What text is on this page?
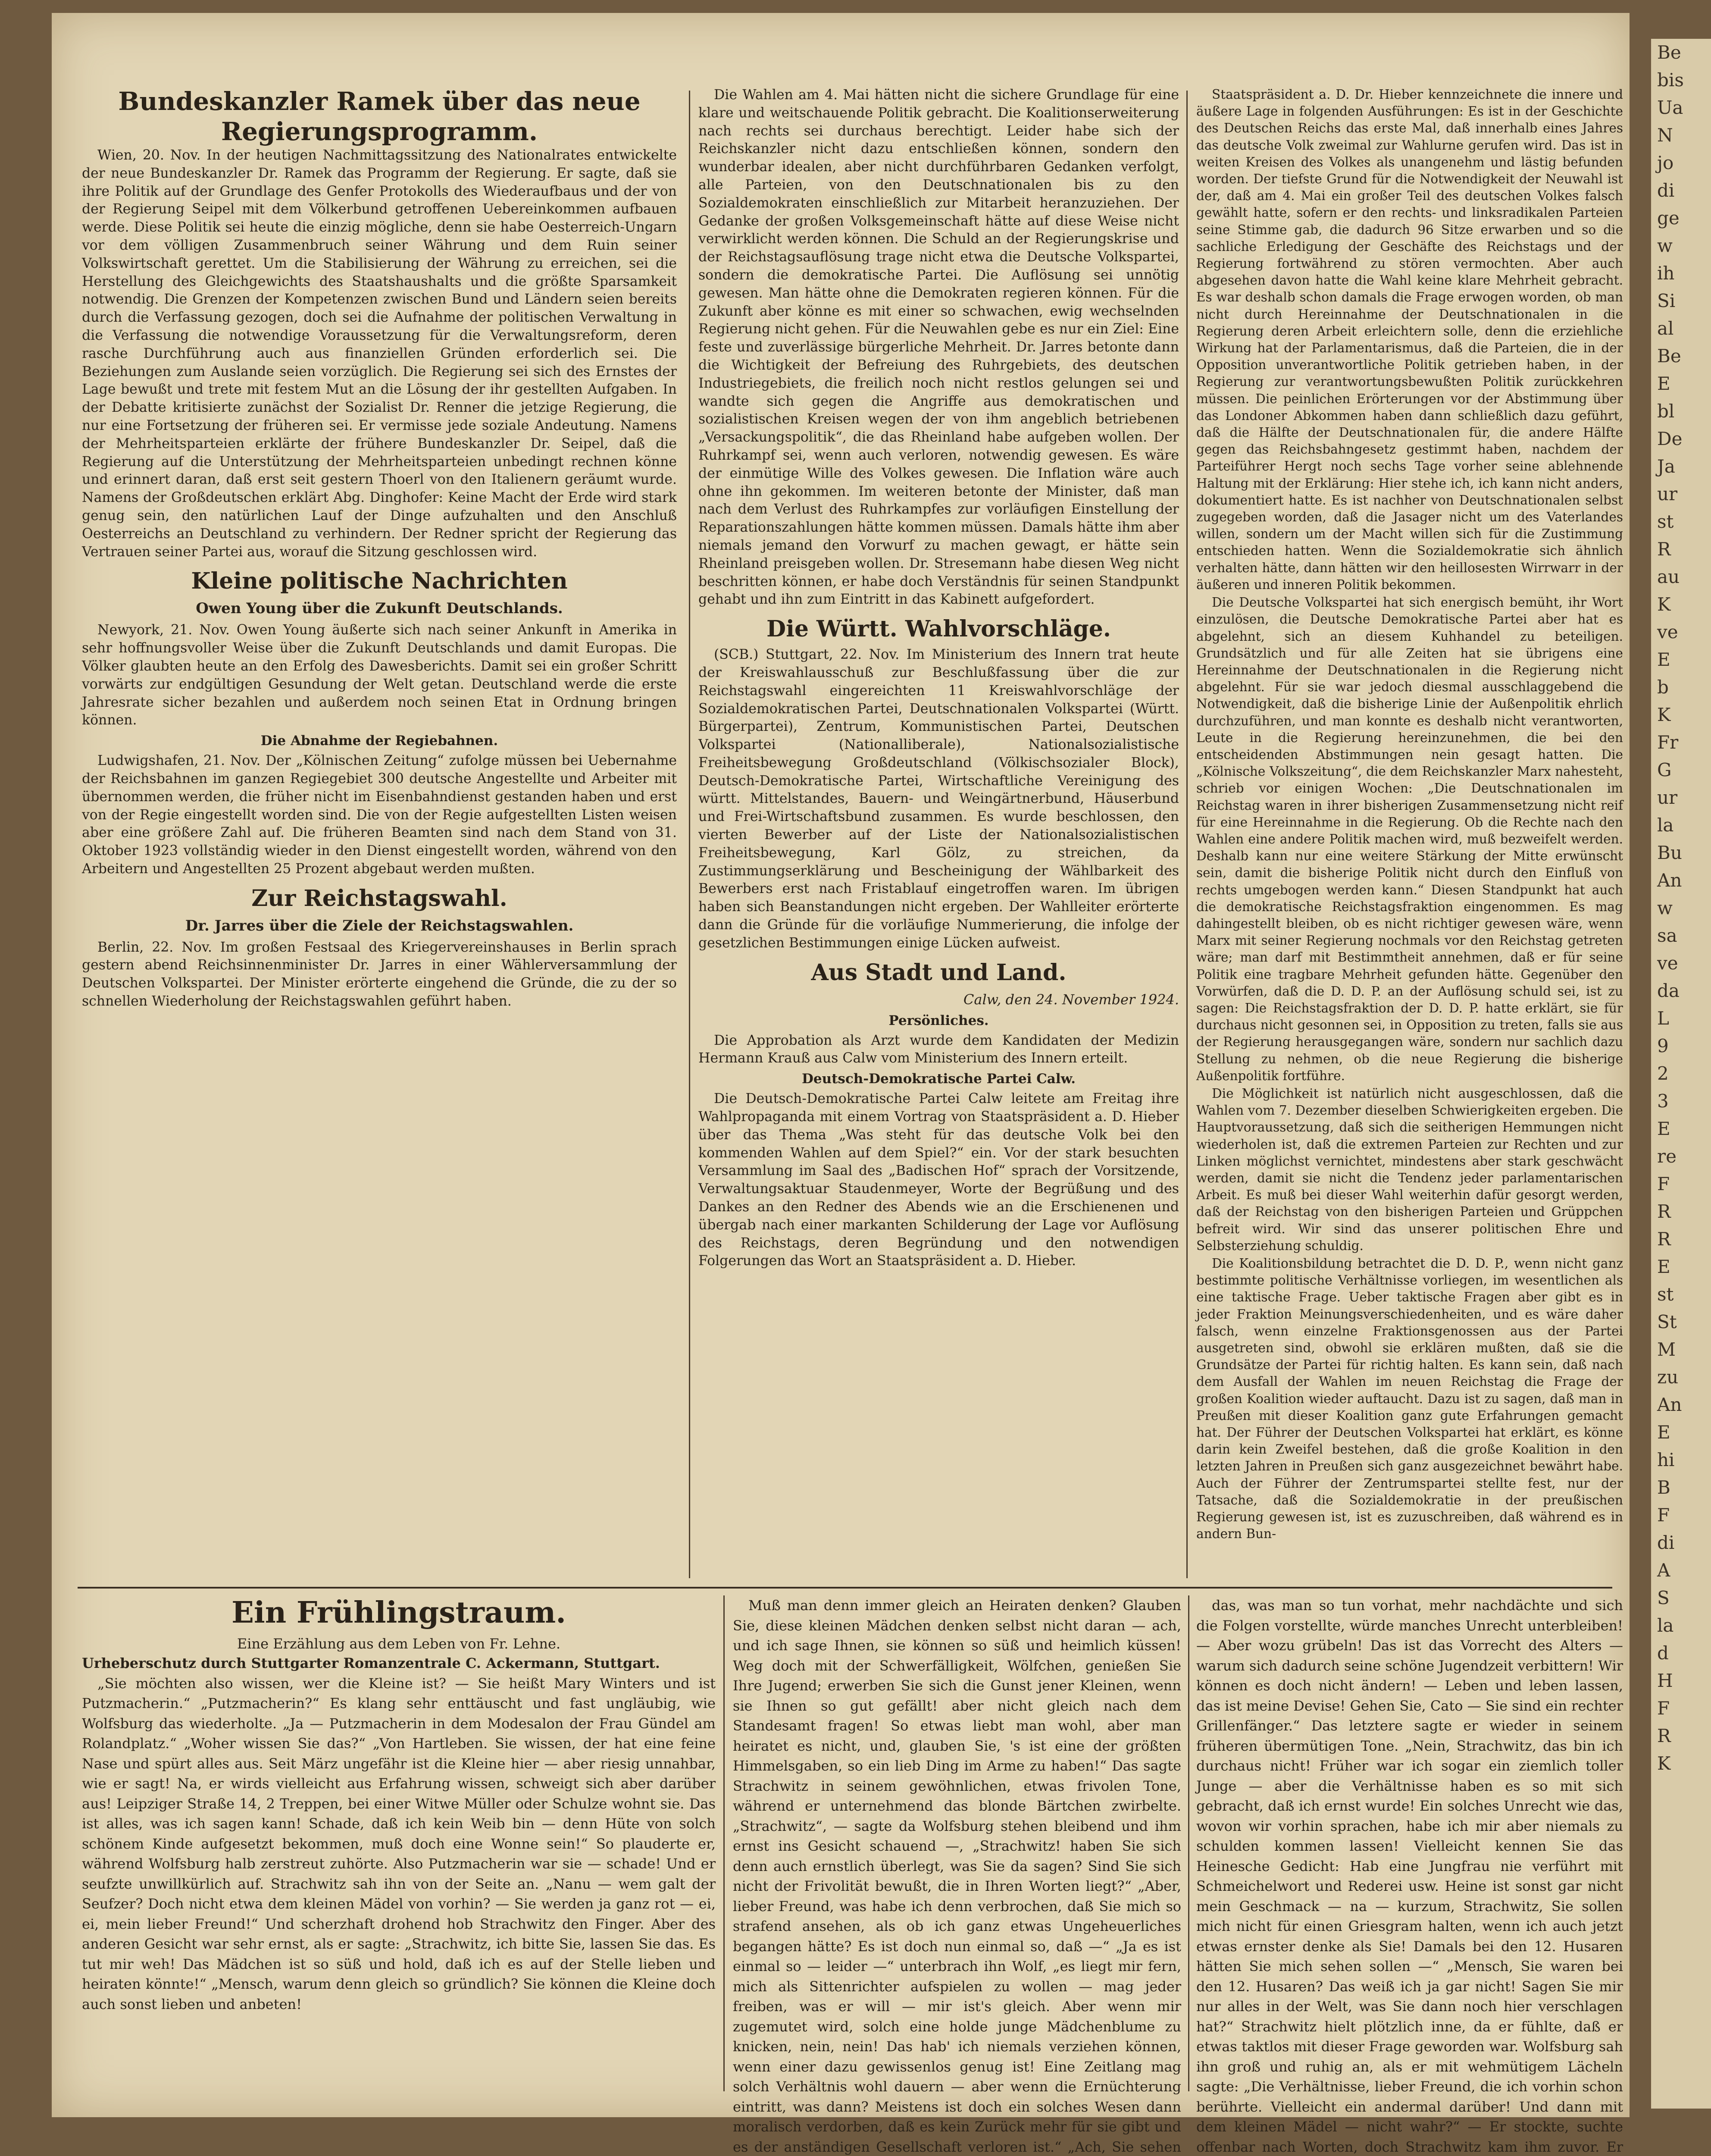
Bundeskanzler Ramek über das neue Regierungsprogramm.

Wien, 20. Nov. In der heutigen Nachmittagssitzung des Nationalrates entwickelte der neue Bundeskanzler Dr. Ramek das Programm der Regierung. Er sagte, daß sie ihre Politik auf der Grundlage des Genfer Protokolls des Wiederaufbaus und der von der Regierung Seipel mit dem Völkerbund getroffenen Uebereinkommen aufbauen werde. Diese Politik sei heute die einzig mögliche, denn sie habe Oesterreich-Ungarn vor dem völligen Zusammenbruch seiner Währung und dem Ruin seiner Volkswirtschaft gerettet. Um die Stabilisierung der Währung zu erreichen, sei die Herstellung des Gleichgewichts des Staatshaushalts und die größte Sparsamkeit notwendig. Die Grenzen der Kompetenzen zwischen Bund und Ländern seien bereits durch die Verfassung gezogen, doch sei die Aufnahme der politischen Verwaltung in die Verfassung die notwendige Voraussetzung für die Verwaltungsreform, deren rasche Durchführung auch aus finanziellen Gründen erforderlich sei. Die Beziehungen zum Auslande seien vorzüglich. Die Regierung sei sich des Ernstes der Lage bewußt und trete mit festem Mut an die Lösung der ihr gestellten Aufgaben. In der Debatte kritisierte zunächst der Sozialist Dr. Renner die jetzige Regierung, die nur eine Fortsetzung der früheren sei. Er vermisse jede soziale Andeutung. Namens der Mehrheitsparteien erklärte der frühere Bundeskanzler Dr. Seipel, daß die Regierung auf die Unterstützung der Mehrheitsparteien unbedingt rechnen könne und erinnert daran, daß erst seit gestern Thoerl von den Italienern geräumt wurde. Namens der Großdeutschen erklärt Abg. Dinghofer: Keine Macht der Erde wird stark genug sein, den natürlichen Lauf der Dinge aufzuhalten und den Anschluß Oesterreichs an Deutschland zu verhindern. Der Redner spricht der Regierung das Vertrauen seiner Partei aus, worauf die Sitzung geschlossen wird.

Kleine politische Nachrichten
Owen Young über die Zukunft Deutschlands.

Newyork, 21. Nov. Owen Young äußerte sich nach seiner Ankunft in Amerika in sehr hoffnungsvoller Weise über die Zukunft Deutschlands und damit Europas. Die Völker glaubten heute an den Erfolg des Dawesberichts. Damit sei ein großer Schritt vorwärts zur endgültigen Gesundung der Welt getan. Deutschland werde die erste Jahresrate sicher bezahlen und außerdem noch seinen Etat in Ordnung bringen können.

Die Abnahme der Regiebahnen.

Ludwigshafen, 21. Nov. Der „Kölnischen Zeitung“ zufolge müssen bei Uebernahme der Reichsbahnen im ganzen Regiegebiet 300 deutsche Angestellte und Arbeiter mit übernommen werden, die früher nicht im Eisenbahndienst gestanden haben und erst von der Regie eingestellt worden sind. Die von der Regie aufgestellten Listen weisen aber eine größere Zahl auf. Die früheren Beamten sind nach dem Stand von 31. Oktober 1923 vollständig wieder in den Dienst eingestellt worden, während von den Arbeitern und Angestellten 25 Prozent abgebaut werden mußten.

Zur Reichstagswahl.
Dr. Jarres über die Ziele der Reichstagswahlen.

Berlin, 22. Nov. Im großen Festsaal des Kriegervereinshauses in Berlin sprach gestern abend Reichsinnenminister Dr. Jarres in einer Wählerversammlung der Deutschen Volkspartei. Der Minister erörterte eingehend die Gründe, die zu der so schnellen Wiederholung der Reichstagswahlen geführt haben.

Die Wahlen am 4. Mai hätten nicht die sichere Grundlage für eine klare und weitschauende Politik gebracht. Die Koalitionserweiterung nach rechts sei durchaus berechtigt. Leider habe sich der Reichskanzler nicht dazu entschließen können, sondern den wunderbar idealen, aber nicht durchführbaren Gedanken verfolgt, alle Parteien, von den Deutschnationalen bis zu den Sozialdemokraten einschließlich zur Mitarbeit heranzuziehen. Der Gedanke der großen Volksgemeinschaft hätte auf diese Weise nicht verwirklicht werden können. Die Schuld an der Regierungskrise und der Reichstagsauflösung trage nicht etwa die Deutsche Volkspartei, sondern die demokratische Partei. Die Auflösung sei unnötig gewesen. Man hätte ohne die Demokraten regieren können. Für die Zukunft aber könne es mit einer so schwachen, ewig wechselnden Regierung nicht gehen. Für die Neuwahlen gebe es nur ein Ziel: Eine feste und zuverlässige bürgerliche Mehrheit. Dr. Jarres betonte dann die Wichtigkeit der Befreiung des Ruhrgebiets, des deutschen Industriegebiets, die freilich noch nicht restlos gelungen sei und wandte sich gegen die Angriffe aus demokratischen und sozialistischen Kreisen wegen der von ihm angeblich betriebenen „Versackungspolitik“, die das Rheinland habe aufgeben wollen. Der Ruhrkampf sei, wenn auch verloren, notwendig gewesen. Es wäre der einmütige Wille des Volkes gewesen. Die Inflation wäre auch ohne ihn gekommen. Im weiteren betonte der Minister, daß man nach dem Verlust des Ruhrkampfes zur vorläufigen Einstellung der Reparationszahlungen hätte kommen müssen. Damals hätte ihm aber niemals jemand den Vorwurf zu machen gewagt, er hätte sein Rheinland preisgeben wollen. Dr. Stresemann habe diesen Weg nicht beschritten können, er habe doch Verständnis für seinen Standpunkt gehabt und ihn zum Eintritt in das Kabinett aufgefordert.

Die Württ. Wahlvorschläge.

(SCB.) Stuttgart, 22. Nov. Im Ministerium des Innern trat heute der Kreiswahlausschuß zur Beschlußfassung über die zur Reichstagswahl eingereichten 11 Kreiswahlvorschläge der Sozialdemokratischen Partei, Deutschnationalen Volkspartei (Württ. Bürgerpartei), Zentrum, Kommunistischen Partei, Deutschen Volkspartei (Nationalliberale), Nationalsozialistische Freiheitsbewegung Großdeutschland (Völkischsozialer Block), Deutsch-Demokratische Partei, Wirtschaftliche Vereinigung des württ. Mittelstandes, Bauern- und Weingärtnerbund, Häuserbund und Frei-Wirtschaftsbund zusammen. Es wurde beschlossen, den vierten Bewerber auf der Liste der Nationalsozialistischen Freiheitsbewegung, Karl Gölz, zu streichen, da Zustimmungserklärung und Bescheinigung der Wählbarkeit des Bewerbers erst nach Fristablauf eingetroffen waren. Im übrigen haben sich Beanstandungen nicht ergeben. Der Wahlleiter erörterte dann die Gründe für die vorläufige Nummerierung, die infolge der gesetzlichen Bestimmungen einige Lücken aufweist.

Aus Stadt und Land.

Calw, den 24. November 1924.

Persönliches.

Die Approbation als Arzt wurde dem Kandidaten der Medizin Hermann Krauß aus Calw vom Ministerium des Innern erteilt.

Deutsch-Demokratische Partei Calw.

Die Deutsch-Demokratische Partei Calw leitete am Freitag ihre Wahlpropaganda mit einem Vortrag von Staatspräsident a. D. Hieber über das Thema „Was steht für das deutsche Volk bei den kommenden Wahlen auf dem Spiel?“ ein. Vor der stark besuchten Versammlung im Saal des „Badischen Hof“ sprach der Vorsitzende, Verwaltungsaktuar Staudenmeyer, Worte der Begrüßung und des Dankes an den Redner des Abends wie an die Erschienenen und übergab nach einer markanten Schilderung der Lage vor Auflösung des Reichstags, deren Begründung und den notwendigen Folgerungen das Wort an Staatspräsident a. D. Hieber.

Staatspräsident a. D. Dr. Hieber kennzeichnete die innere und äußere Lage in folgenden Ausführungen: Es ist in der Geschichte des Deutschen Reichs das erste Mal, daß innerhalb eines Jahres das deutsche Volk zweimal zur Wahlurne gerufen wird. Das ist in weiten Kreisen des Volkes als unangenehm und lästig befunden worden. Der tiefste Grund für die Notwendigkeit der Neuwahl ist der, daß am 4. Mai ein großer Teil des deutschen Volkes falsch gewählt hatte, sofern er den rechts- und linksradikalen Parteien seine Stimme gab, die dadurch 96 Sitze erwarben und so die sachliche Erledigung der Geschäfte des Reichstags und der Regierung fortwährend zu stören vermochten. Aber auch abgesehen davon hatte die Wahl keine klare Mehrheit gebracht. Es war deshalb schon damals die Frage erwogen worden, ob man nicht durch Hereinnahme der Deutschnationalen in die Regierung deren Arbeit erleichtern solle, denn die erziehliche Wirkung hat der Parlamentarismus, daß die Parteien, die in der Opposition unverantwortliche Politik getrieben haben, in der Regierung zur verantwortungsbewußten Politik zurückkehren müssen. Die peinlichen Erörterungen vor der Abstimmung über das Londoner Abkommen haben dann schließlich dazu geführt, daß die Hälfte der Deutschnationalen für, die andere Hälfte gegen das Reichsbahngesetz gestimmt haben, nachdem der Parteiführer Hergt noch sechs Tage vorher seine ablehnende Haltung mit der Erklärung: Hier stehe ich, ich kann nicht anders, dokumentiert hatte. Es ist nachher von Deutschnationalen selbst zugegeben worden, daß die Jasager nicht um des Vaterlandes willen, sondern um der Macht willen sich für die Zustimmung entschieden hatten. Wenn die Sozialdemokratie sich ähnlich verhalten hätte, dann hätten wir den heillosesten Wirrwarr in der äußeren und inneren Politik bekommen.

Die Deutsche Volkspartei hat sich energisch bemüht, ihr Wort einzulösen, die Deutsche Demokratische Partei aber hat es abgelehnt, sich an diesem Kuhhandel zu beteiligen. Grundsätzlich und für alle Zeiten hat sie übrigens eine Hereinnahme der Deutschnationalen in die Regierung nicht abgelehnt. Für sie war jedoch diesmal ausschlaggebend die Notwendigkeit, daß die bisherige Linie der Außenpolitik ehrlich durchzuführen, und man konnte es deshalb nicht verantworten, Leute in die Regierung hereinzunehmen, die bei den entscheidenden Abstimmungen nein gesagt hatten. Die „Kölnische Volkszeitung“, die dem Reichskanzler Marx nahesteht, schrieb vor einigen Wochen: „Die Deutschnationalen im Reichstag waren in ihrer bisherigen Zusammensetzung nicht reif für eine Hereinnahme in die Regierung. Ob die Rechte nach den Wahlen eine andere Politik machen wird, muß bezweifelt werden. Deshalb kann nur eine weitere Stärkung der Mitte erwünscht sein, damit die bisherige Politik nicht durch den Einfluß von rechts umgebogen werden kann.“ Diesen Standpunkt hat auch die demokratische Reichstagsfraktion eingenommen. Es mag dahingestellt bleiben, ob es nicht richtiger gewesen wäre, wenn Marx mit seiner Regierung nochmals vor den Reichstag getreten wäre; man darf mit Bestimmtheit annehmen, daß er für seine Politik eine tragbare Mehrheit gefunden hätte. Gegenüber den Vorwürfen, daß die D. D. P. an der Auflösung schuld sei, ist zu sagen: Die Reichstagsfraktion der D. D. P. hatte erklärt, sie für durchaus nicht gesonnen sei, in Opposition zu treten, falls sie aus der Regierung herausgegangen wäre, sondern nur sachlich dazu Stellung zu nehmen, ob die neue Regierung die bisherige Außenpolitik fortführe.

Die Möglichkeit ist natürlich nicht ausgeschlossen, daß die Wahlen vom 7. Dezember dieselben Schwierigkeiten ergeben. Die Hauptvoraussetzung, daß sich die seitherigen Hemmungen nicht wiederholen ist, daß die extremen Parteien zur Rechten und zur Linken möglichst vernichtet, mindestens aber stark geschwächt werden, damit sie nicht die Tendenz jeder parlamentarischen Arbeit. Es muß bei dieser Wahl weiterhin dafür gesorgt werden, daß der Reichstag von den bisherigen Parteien und Grüppchen befreit wird. Wir sind das unserer politischen Ehre und Selbsterziehung schuldig.

Die Koalitionsbildung betrachtet die D. D. P., wenn nicht ganz bestimmte politische Verhältnisse vorliegen, im wesentlichen als eine taktische Frage. Ueber taktische Fragen aber gibt es in jeder Fraktion Meinungsverschiedenheiten, und es wäre daher falsch, wenn einzelne Fraktionsgenossen aus der Partei ausgetreten sind, obwohl sie erklären mußten, daß sie die Grundsätze der Partei für richtig halten. Es kann sein, daß nach dem Ausfall der Wahlen im neuen Reichstag die Frage der großen Koalition wieder auftaucht. Dazu ist zu sagen, daß man in Preußen mit dieser Koalition ganz gute Erfahrungen gemacht hat. Der Führer der Deutschen Volkspartei hat erklärt, es könne darin kein Zweifel bestehen, daß die große Koalition in den letzten Jahren in Preußen sich ganz ausgezeichnet bewährt habe. Auch der Führer der Zentrumspartei stellte fest, nur der Tatsache, daß die Sozialdemokratie in der preußischen Regierung gewesen ist, ist es zuzuschreiben, daß während es in andern Bun-

Ein Frühlingstraum.

Eine Erzählung aus dem Leben von Fr. Lehne.

Urheberschutz durch Stuttgarter Romanzentrale C. Ackermann, Stuttgart.

„Sie möchten also wissen, wer die Kleine ist? — Sie heißt Mary Winters und ist Putzmacherin.“ „Putzmacherin?“ Es klang sehr enttäuscht und fast ungläubig, wie Wolfsburg das wiederholte. „Ja — Putzmacherin in dem Modesalon der Frau Gündel am Rolandplatz.“ „Woher wissen Sie das?“ „Von Hartleben. Sie wissen, der hat eine feine Nase und spürt alles aus. Seit März ungefähr ist die Kleine hier — aber riesig unnahbar, wie er sagt! Na, er wirds vielleicht aus Erfahrung wissen, schweigt sich aber darüber aus! Leipziger Straße 14, 2 Treppen, bei einer Witwe Müller oder Schulze wohnt sie. Das ist alles, was ich sagen kann! Schade, daß ich kein Weib bin — denn Hüte von solch schönem Kinde aufgesetzt bekommen, muß doch eine Wonne sein!“ So plauderte er, während Wolfsburg halb zerstreut zuhörte. Also Putzmacherin war sie — schade! Und er seufzte unwillkürlich auf. Strachwitz sah ihn von der Seite an. „Nanu — wem galt der Seufzer? Doch nicht etwa dem kleinen Mädel von vorhin? — Sie werden ja ganz rot — ei, ei, mein lieber Freund!“ Und scherzhaft drohend hob Strachwitz den Finger. Aber des anderen Gesicht war sehr ernst, als er sagte: „Strachwitz, ich bitte Sie, lassen Sie das. Es tut mir weh! Das Mädchen ist so süß und hold, daß ich es auf der Stelle lieben und heiraten könnte!“ „Mensch, warum denn gleich so gründlich? Sie können die Kleine doch auch sonst lieben und anbeten!

Muß man denn immer gleich an Heiraten denken? Glauben Sie, diese kleinen Mädchen denken selbst nicht daran — ach, und ich sage Ihnen, sie können so süß und heimlich küssen! Weg doch mit der Schwerfälligkeit, Wölfchen, genießen Sie Ihre Jugend; erwerben Sie sich die Gunst jener Kleinen, wenn sie Ihnen so gut gefällt! aber nicht gleich nach dem Standesamt fragen! So etwas liebt man wohl, aber man heiratet es nicht, und, glauben Sie, 's ist eine der größten Himmelsgaben, so ein lieb Ding im Arme zu haben!“ Das sagte Strachwitz in seinem gewöhnlichen, etwas frivolen Tone, während er unternehmend das blonde Bärtchen zwirbelte. „Strachwitz“, — sagte da Wolfsburg stehen bleibend und ihm ernst ins Gesicht schauend —, „Strachwitz! haben Sie sich denn auch ernstlich überlegt, was Sie da sagen? Sind Sie sich nicht der Frivolität bewußt, die in Ihren Worten liegt?“ „Aber, lieber Freund, was habe ich denn verbrochen, daß Sie mich so strafend ansehen, als ob ich ganz etwas Ungeheuerliches begangen hätte? Es ist doch nun einmal so, daß —“ „Ja es ist einmal so — leider —“ unterbrach ihn Wolf, „es liegt mir fern, mich als Sittenrichter aufspielen zu wollen — mag jeder freiben, was er will — mir ist's gleich. Aber wenn mir zugemutet wird, solch eine holde junge Mädchenblume zu knicken, nein, nein! Das hab' ich niemals verziehen können, wenn einer dazu gewissenlos genug ist! Eine Zeitlang mag solch Verhältnis wohl dauern — aber wenn die Ernüchterung eintritt, was dann? Meistens ist doch ein solches Wesen dann moralisch verdorben, daß es kein Zurück mehr für sie gibt und es der anständigen Gesellschaft verloren ist.“ „Ach, Sie sehen

das, was man so tun vorhat, mehr nachdächte und sich die Folgen vorstellte, würde manches Unrecht unterbleiben! — Aber wozu grübeln! Das ist das Vorrecht des Alters — warum sich dadurch seine schöne Jugendzeit verbittern! Wir können es doch nicht ändern! — Leben und leben lassen, das ist meine Devise! Gehen Sie, Cato — Sie sind ein rechter Grillenfänger.“ Das letztere sagte er wieder in seinem früheren übermütigen Tone. „Nein, Strachwitz, das bin ich durchaus nicht! Früher war ich sogar ein ziemlich toller Junge — aber die Verhältnisse haben es so mit sich gebracht, daß ich ernst wurde! Ein solches Unrecht wie das, wovon wir vorhin sprachen, habe ich mir aber niemals zu schulden kommen lassen! Vielleicht kennen Sie das Heinesche Gedicht: Hab eine Jungfrau nie verführt mit Schmeichelwort und Rederei usw. Heine ist sonst gar nicht mein Geschmack — na — kurzum, Strachwitz, Sie sollen mich nicht für einen Griesgram halten, wenn ich auch jetzt etwas ernster denke als Sie! Damals bei den 12. Husaren hätten Sie mich sehen sollen —“ „Mensch, Sie waren bei den 12. Husaren? Das weiß ich ja gar nicht! Sagen Sie mir nur alles in der Welt, was Sie dann noch hier verschlagen hat?“ Strachwitz hielt plötzlich inne, da er fühlte, daß er etwas taktlos mit dieser Frage geworden war. Wolfsburg sah ihn groß und ruhig an, als er mit wehmütigem Lächeln sagte: „Die Verhältnisse, lieber Freund, die ich vorhin schon berührte. Vielleicht ein andermal darüber! Und dann mit dem kleinen Mädel — nicht wahr?“ — Er stockte, suchte offenbar nach Worten, doch Strachwitz kam ihm zuvor. Er

Be
bis
Ua
N
jo
di
ge
w
ih
Si
al
Be
E
bl
De
Ja
ur
st
R
au
K
ve
E
b
K
Fr
G
ur
la
Bu
An
w
sa
ve
da
L
9
2
3
E
re
F
R
R
E
st
St
M
zu
An
E
hi
B
F
di
A
S
la
d
H
F
R
K
